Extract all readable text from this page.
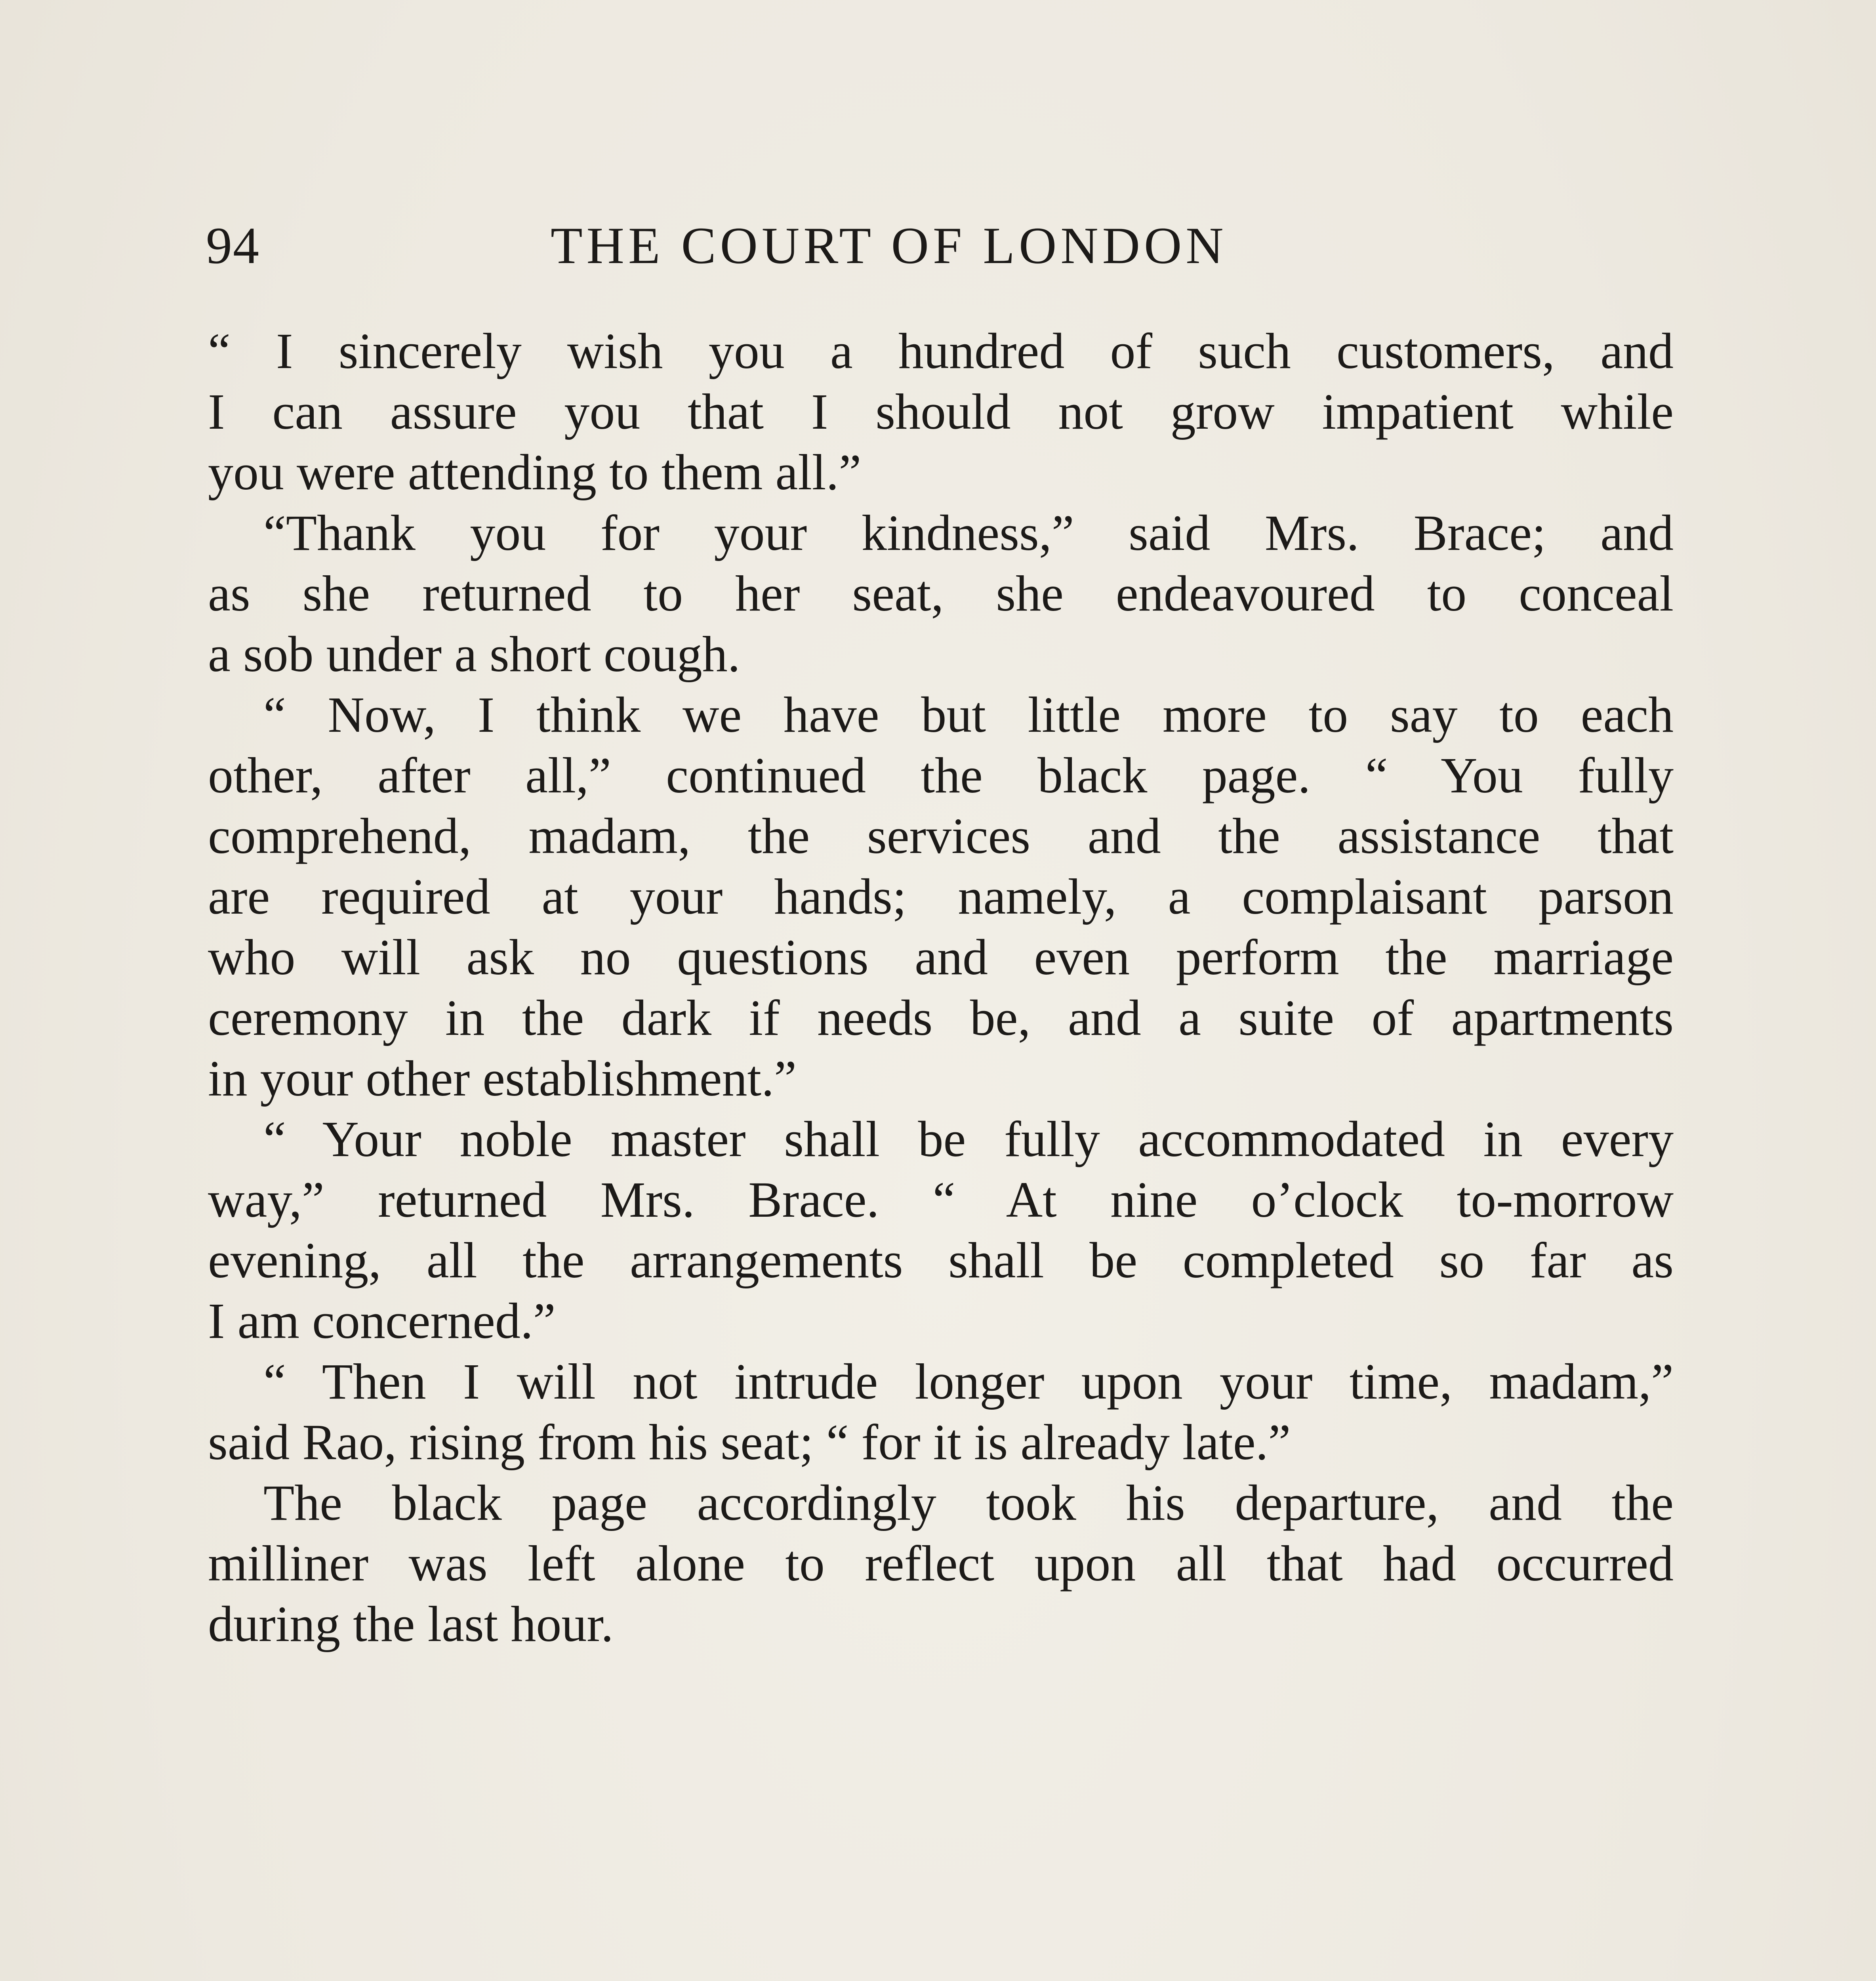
94	THE COURT OF LONDON
“ I sincerely wish you a hundred of such customers, and
I can assure you that I should not grow impatient while
you were attending to them all.”
“Thank you for your kindness,” said Mrs. Brace; and
as she returned to her seat, she endeavoured to conceal
a sob under a short cough.
“ Now, I think we have but little more to say to each
other, after all,” continued the black page. “ You fully
comprehend, madam, the services and the assistance that
are required at your hands; namely, a complaisant parson
who will ask no questions and even perform the marriage
ceremony in the dark if needs be, and a suite of apartments
in your other establishment.”
“ Your noble master shall be fully accommodated in every
way,” returned Mrs. Brace. “ At nine o’clock to-morrow
evening, all the arrangements shall be completed so far as
I am concerned.”
“ Then I will not intrude longer upon your time, madam,”
said Rao, rising from his seat; “ for it is already late.”
The black page accordingly took his departure, and the
milliner was left alone to reflect upon all that had occurred
during the last hour.
